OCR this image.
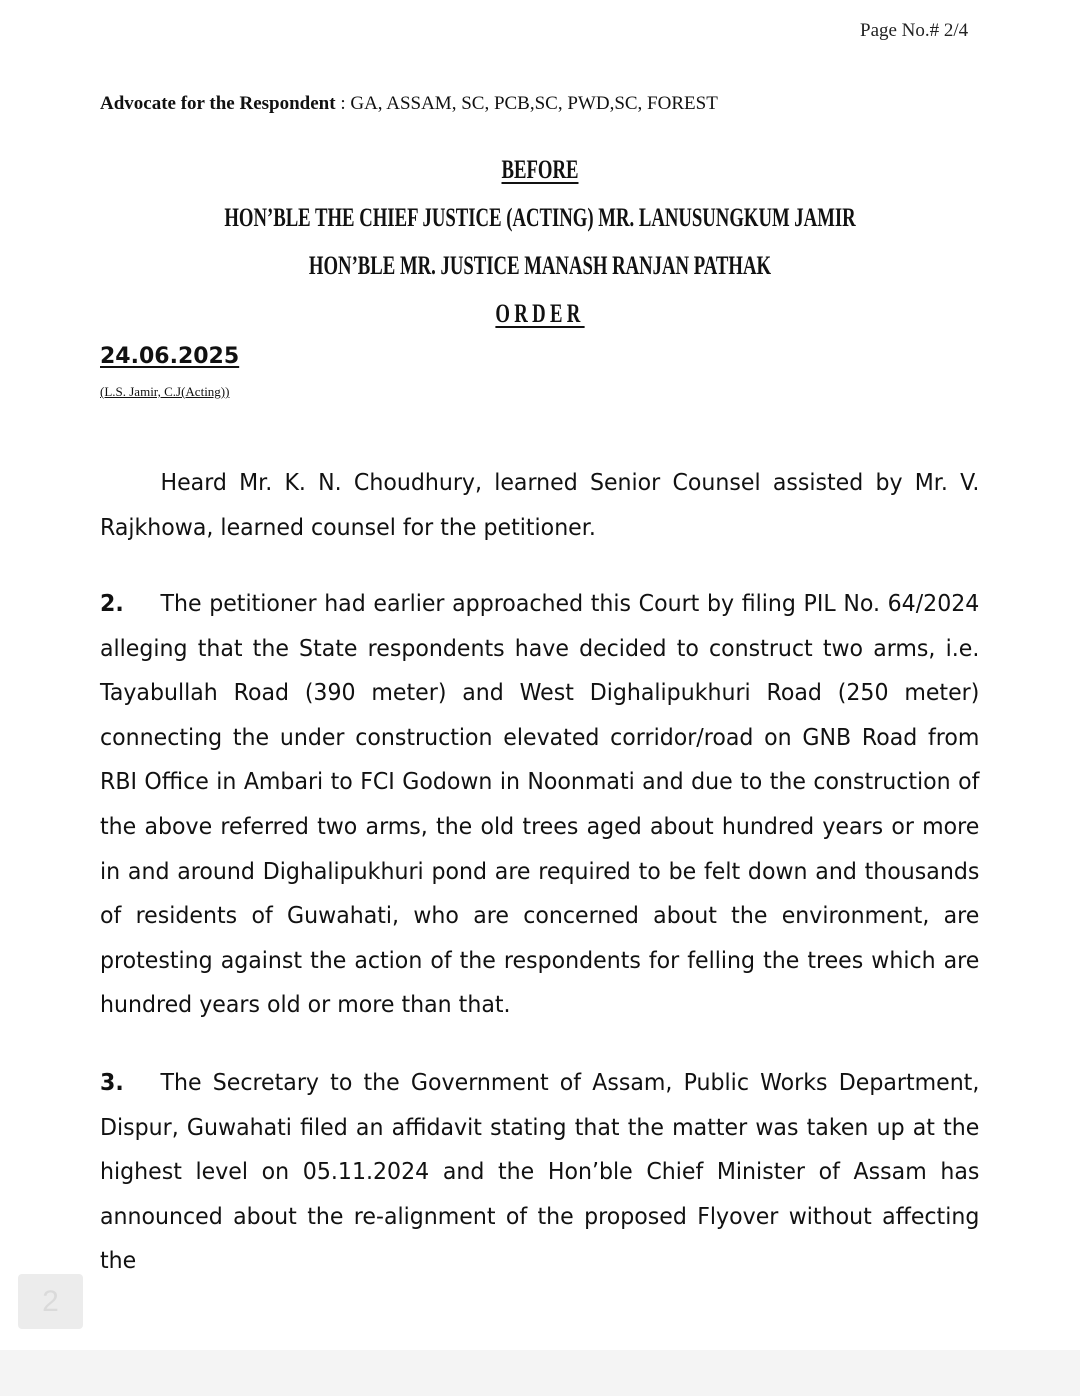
Page No.# 2/4
Advocate for the Respondent : GA, ASSAM, SC, PCB,SC, PWD,SC, FOREST
BEFORE
HON’BLE THE CHIEF JUSTICE (ACTING) MR. LANUSUNGKUM JAMIR
HON’BLE MR. JUSTICE MANASH RANJAN PATHAK
ORDER
24.06.2025
(L.S. Jamir, C.J(Acting))
Heard Mr. K. N. Choudhury, learned Senior Counsel assisted by Mr. V. Rajkhowa, learned counsel for the petitioner.
2. The petitioner had earlier approached this Court by filing PIL No. 64/2024 alleging that the State respondents have decided to construct two arms, i.e. Tayabullah Road (390 meter) and West Dighalipukhuri Road (250 meter) connecting the under construction elevated corridor/road on GNB Road from RBI Office in Ambari to FCI Godown in Noonmati and due to the construction of the above referred two arms, the old trees aged about hundred years or more in and around Dighalipukhuri pond are required to be felt down and thousands of residents of Guwahati, who are concerned about the environment, are protesting against the action of the respondents for felling the trees which are hundred years old or more than that.
3. The Secretary to the Government of Assam, Public Works Department, Dispur, Guwahati filed an affidavit stating that the matter was taken up at the highest level on 05.11.2024 and the Hon’ble Chief Minister of Assam has announced about the re-alignment of the proposed Flyover without affecting the
2
